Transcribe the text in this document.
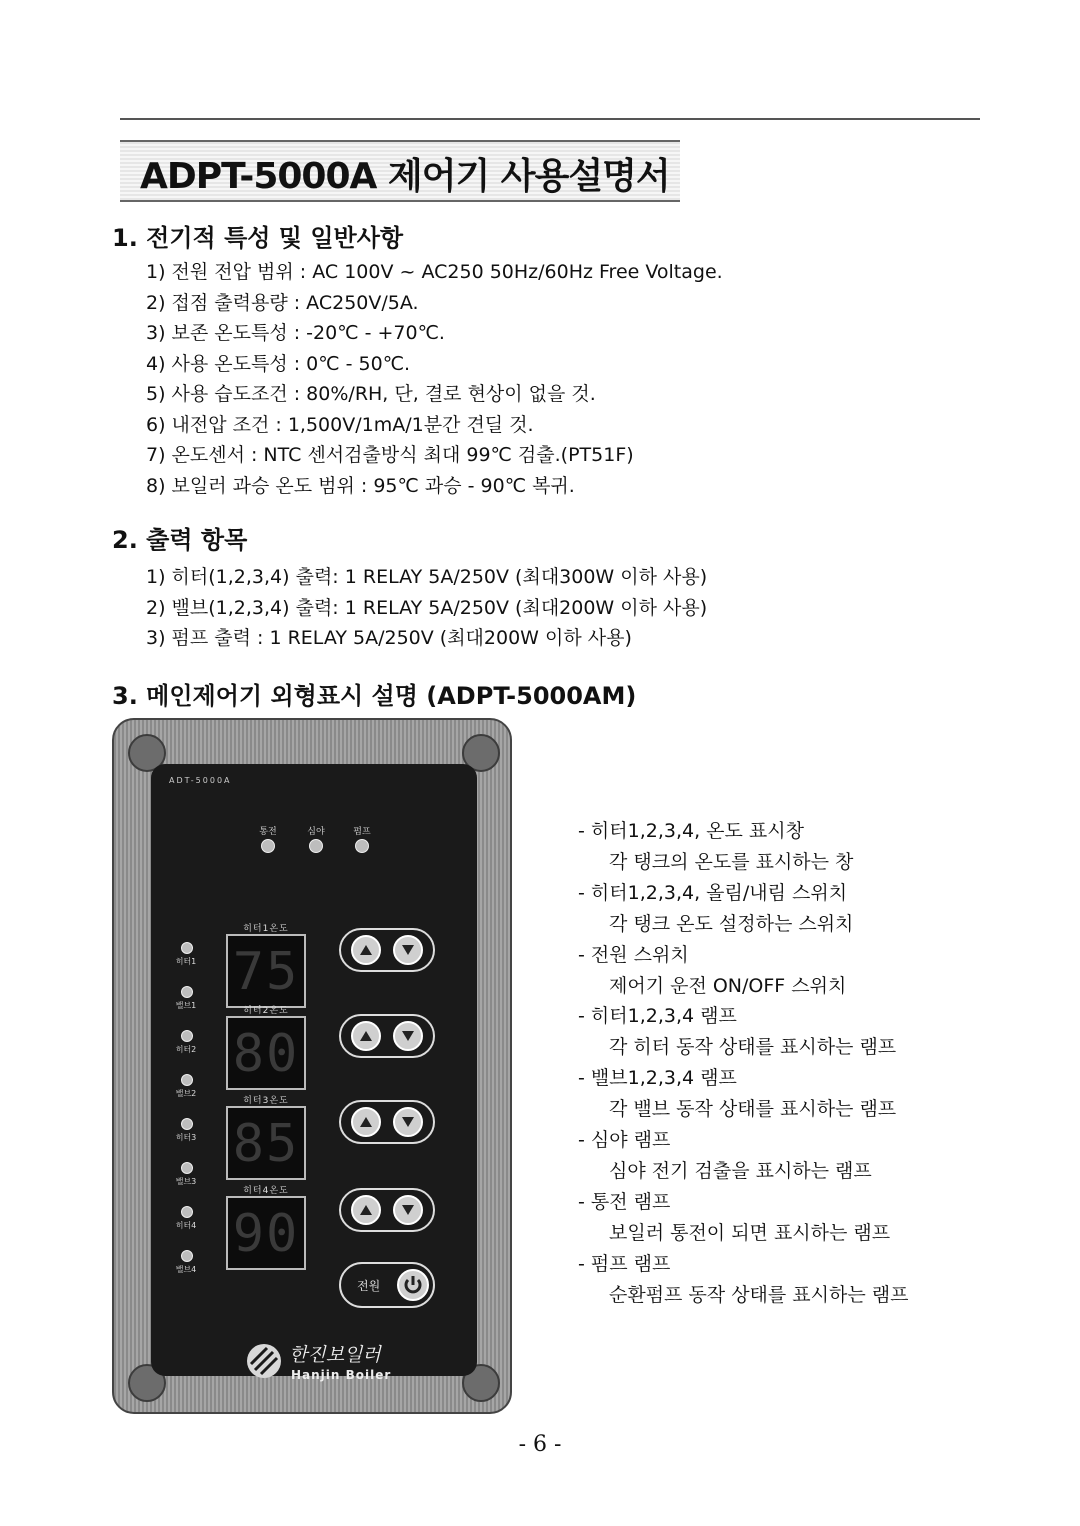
ADPT-5000A 제어기 사용설명서
1. 전기적 특성 및 일반사항
1) 전원 전압 범위 : AC 100V ~ AC250 50Hz/60Hz Free Voltage.
2) 접점 출력용량 : AC250V/5A.
3) 보존 온도특성 : -20℃ - +70℃.
4) 사용 온도특성 : 0℃ - 50℃.
5) 사용 습도조건 : 80%/RH, 단, 결로 현상이 없을 것.
6) 내전압 조건 : 1,500V/1mA/1분간 견딜 것.
7) 온도센서 : NTC 센서검출방식 최대 99℃ 검출.(PT51F)
8) 보일러 과승 온도 범위 : 95℃ 과승 - 90℃ 복귀.
2. 출력 항목
1) 히터(1,2,3,4) 출력: 1 RELAY 5A/250V (최대300W 이하 사용)
2) 밸브(1,2,3,4) 출력: 1 RELAY 5A/250V (최대200W 이하 사용)
3) 펌프 출력 : 1 RELAY 5A/250V (최대200W 이하 사용)
3. 메인제어기 외형표시 설명 (ADPT-5000AM)
ADT-5000A
통전	심야	펌프
히터1
밸브1
히터2
밸브2
히터3
밸브3
히터4
밸브4
히터1온도
75
히터2온도
80
히터3온도
85
히터4온도
90
전원
한진보일러
Hanjin Boiler
- 히터1,2,3,4, 온도 표시창
각 탱크의 온도를 표시하는 창
- 히터1,2,3,4, 올림/내림 스위치
각 탱크 온도 설정하는 스위치
- 전원 스위치
제어기 운전 ON/OFF 스위치
- 히터1,2,3,4 램프
각 히터 동작 상태를 표시하는 램프
- 밸브1,2,3,4 램프
각 밸브 동작 상태를 표시하는 램프
- 심야 램프
심야 전기 검출을 표시하는 램프
- 통전 램프
보일러 통전이 되면 표시하는 램프
- 펌프 램프
순환펌프 동작 상태를 표시하는 램프
- 6 -
